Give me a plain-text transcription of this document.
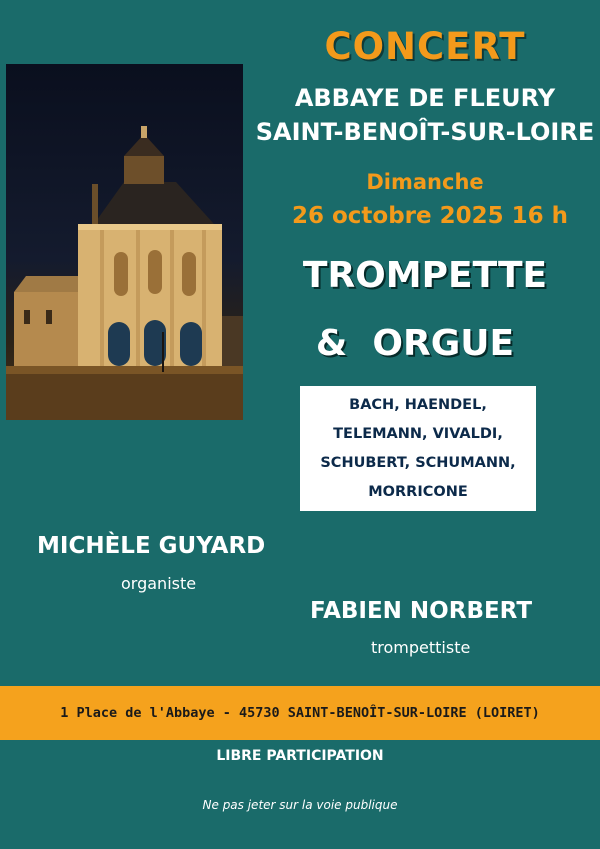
CONCERT
ABBAYE DE FLEURY
SAINT-BENOÎT-SUR-LOIRE
Dimanche
26 octobre 2025 16 h
TROMPETTE
&  ORGUE
BACH, HAENDEL,
TELEMANN, VIVALDI,
SCHUBERT, SCHUMANN,
MORRICONE
MICHÈLE GUYARD
organiste
FABIEN NORBERT
trompettiste
1 Place de l'Abbaye - 45730 SAINT-BENOÎT-SUR-LOIRE (LOIRET)
LIBRE PARTICIPATION
Ne pas jeter sur la voie publique
